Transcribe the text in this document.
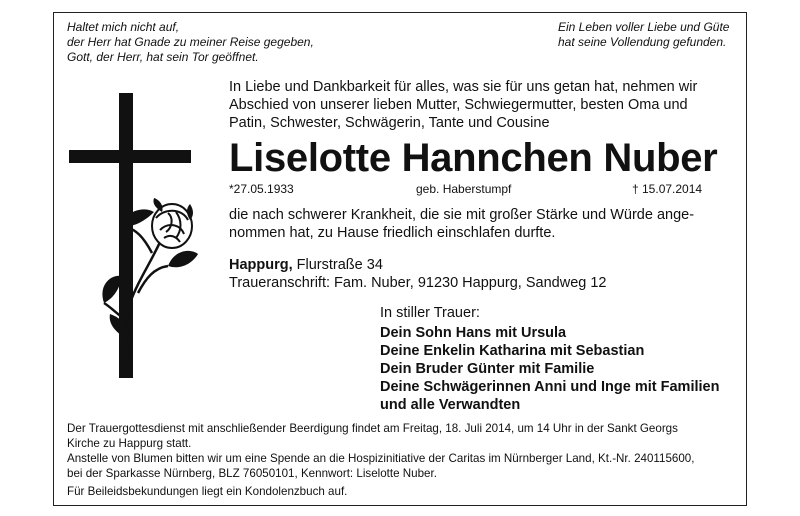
Haltet mich nicht auf,
der Herr hat Gnade zu meiner Reise gegeben,
Gott, der Herr, hat sein Tor geöffnet.
Ein Leben voller Liebe und Güte
hat seine Vollendung gefunden.
In Liebe und Dankbarkeit für alles, was sie für uns getan hat, nehmen wir
Abschied von unserer lieben Mutter, Schwiegermutter, besten Oma und
Patin, Schwester, Schwägerin, Tante und Cousine
Liselotte Hannchen Nuber
*27.05.1933	geb. Haberstumpf	† 15.07.2014
die nach schwerer Krankheit, die sie mit großer Stärke und Würde ange-
nommen hat, zu Hause friedlich einschlafen durfte.
Happurg, Flurstraße 34
Traueranschrift: Fam. Nuber, 91230 Happurg, Sandweg 12
In stiller Trauer:
Dein Sohn Hans mit Ursula
Deine Enkelin Katharina mit Sebastian
Dein Bruder Günter mit Familie
Deine Schwägerinnen Anni und Inge mit Familien
und alle Verwandten
Der Trauergottesdienst mit anschließender Beerdigung findet am Freitag, 18. Juli 2014, um 14 Uhr in der Sankt Georgs
Kirche zu Happurg statt.
Anstelle von Blumen bitten wir um eine Spende an die Hospizinitiative der Caritas im Nürnberger Land, Kt.-Nr. 240115600,
bei der Sparkasse Nürnberg, BLZ 76050101, Kennwort: Liselotte Nuber.
Für Beileidsbekundungen liegt ein Kondolenzbuch auf.
